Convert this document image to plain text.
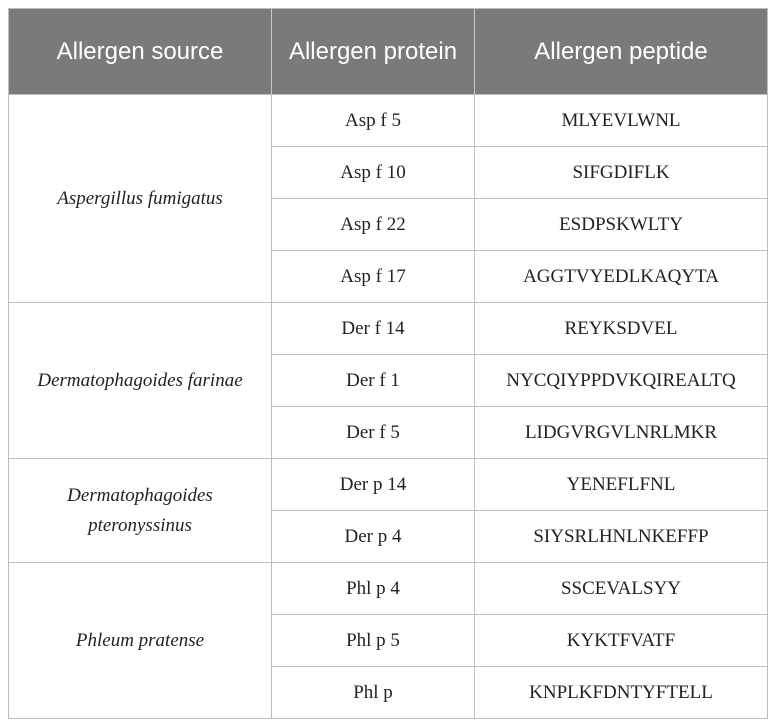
Allergen source	Allergen protein	Allergen peptide
Aspergillus fumigatus	Asp f 5	MLYEVLWNL
	Asp f 10	SIFGDIFLK
	Asp f 22	ESDPSKWLTY
	Asp f 17	AGGTVYEDLKAQYTA
Dermatophagoides farinae	Der f 14	REYKSDVEL
	Der f 1	NYCQIYPPDVKQIREALTQ
	Der f 5	LIDGVRGVLNRLMKR
Dermatophagoides pteronyssinus	Der p 14	YENEFLFNL
	Der p 4	SIYSRLHNLNKEFFP
Phleum pratense	Phl p 4	SSCEVALSYY
	Phl p 5	KYKTFVATF
	Phl p	KNPLKFDNTYFTELL
